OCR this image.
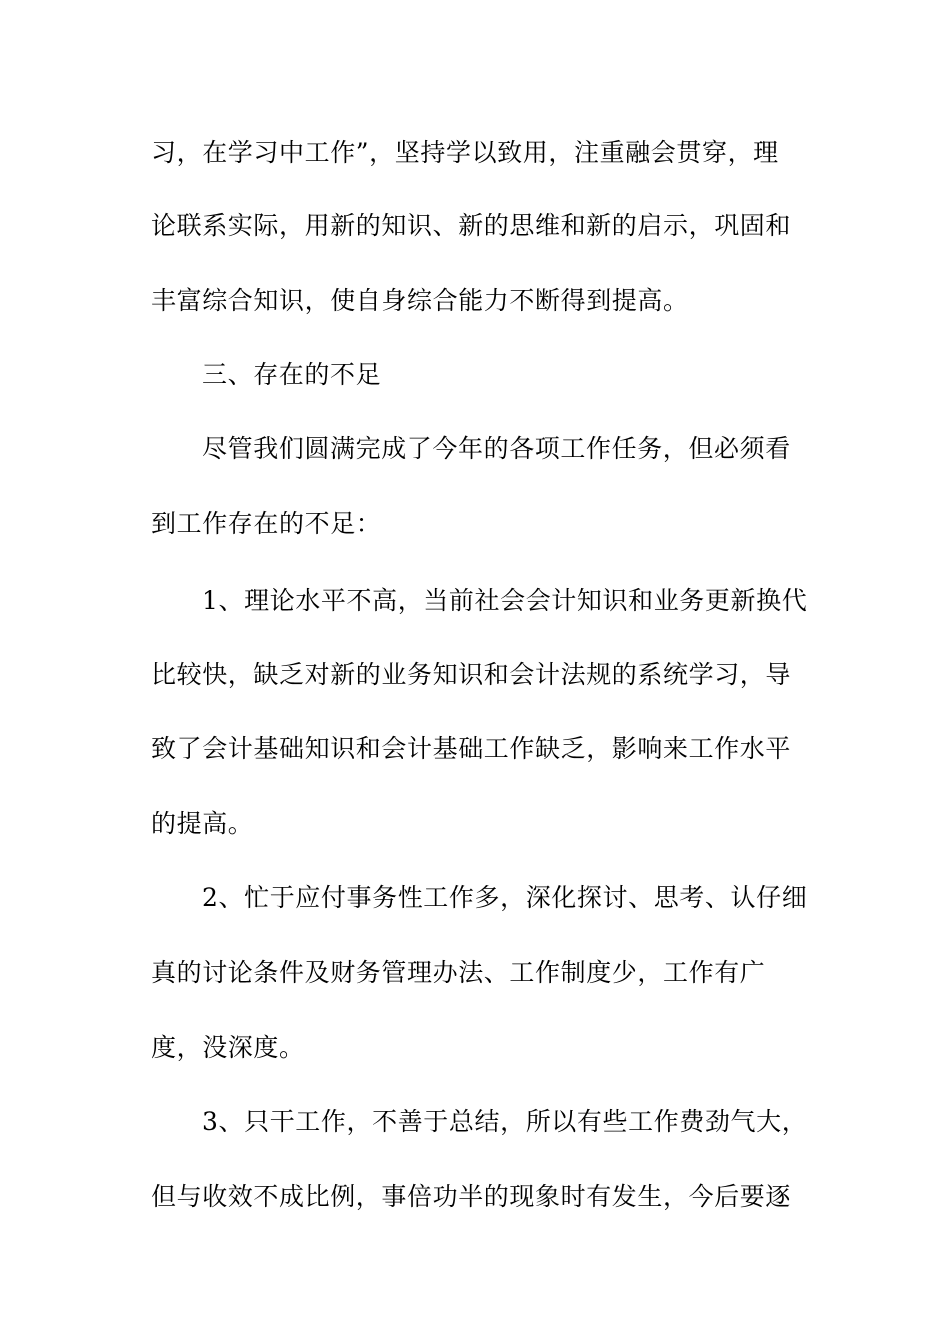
习，在学习中工作”，坚持学以致用，注重融会贯穿，理
论联系实际，用新的知识、新的思维和新的启示，巩固和
丰富综合知识，使自身综合能力不断得到提高。
三、存在的不足
尽管我们圆满完成了今年的各项工作任务，但必须看
到工作存在的不足：
1、理论水平不高，当前社会会计知识和业务更新换代
比较快，缺乏对新的业务知识和会计法规的系统学习，导
致了会计基础知识和会计基础工作缺乏，影响来工作水平
的提高。
2、忙于应付事务性工作多，深化探讨、思考、认仔细
真的讨论条件及财务管理办法、工作制度少，工作有广
度，没深度。
3、只干工作，不善于总结，所以有些工作费劲气大，
但与收效不成比例，事倍功半的现象时有发生，今后要逐
